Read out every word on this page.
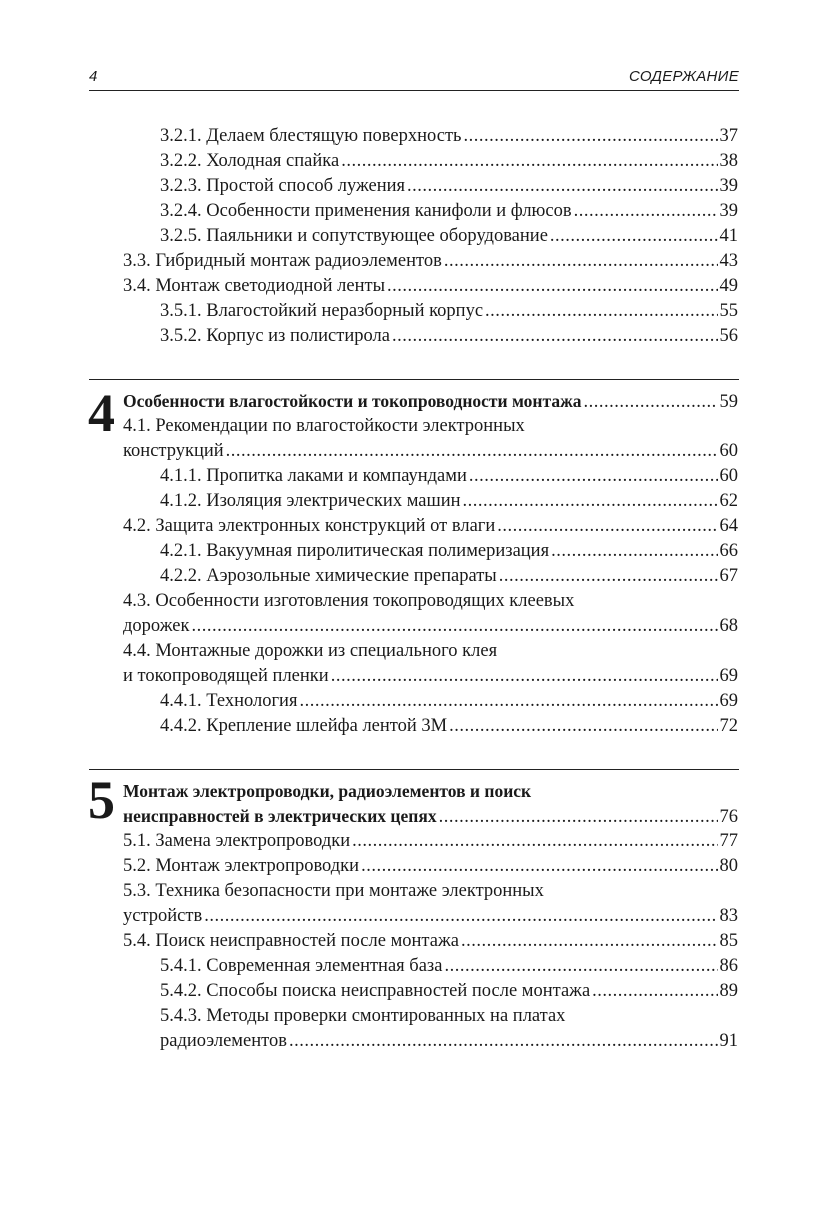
4	СОДЕРЖАНИЕ
3.2.1. Делаем блестящую поверхность .....	37
3.2.2. Холодная спайка .....	38
3.2.3. Простой способ лужения .....	39
3.2.4. Особенности применения канифоли и флюсов .....	39
3.2.5. Паяльники и сопутствующее оборудование .....	41
3.3. Гибридный монтаж радиоэлементов .....	43
3.4. Монтаж светодиодной ленты .....	49
3.5.1. Влагостойкий неразборный корпус .....	55
3.5.2. Корпус из полистирола .....	56
4 Особенности влагостойкости и токопроводности монтажа .....	59
4.1. Рекомендации по влагостойкости электронных
конструкций .....	60
4.1.1. Пропитка лаками и компаундами .....	60
4.1.2. Изоляция электрических машин .....	62
4.2. Защита электронных конструкций от влаги .....	64
4.2.1. Вакуумная пиролитическая полимеризация .....	66
4.2.2. Аэрозольные химические препараты .....	67
4.3. Особенности изготовления токопроводящих клеевых
дорожек .....	68
4.4. Монтажные дорожки из специального клея
и токопроводящей пленки .....	69
4.4.1. Технология .....	69
4.4.2. Крепление шлейфа лентой 3M .....	72
5 Монтаж электропроводки, радиоэлементов и поиск
неисправностей в электрических цепях .....	76
5.1. Замена электропроводки .....	77
5.2. Монтаж электропроводки .....	80
5.3. Техника безопасности при монтаже электронных
устройств .....	83
5.4. Поиск неисправностей после монтажа .....	85
5.4.1. Современная элементная база .....	86
5.4.2. Способы поиска неисправностей после монтажа .....	89
5.4.3. Методы проверки смонтированных на платах
радиоэлементов .....	91
